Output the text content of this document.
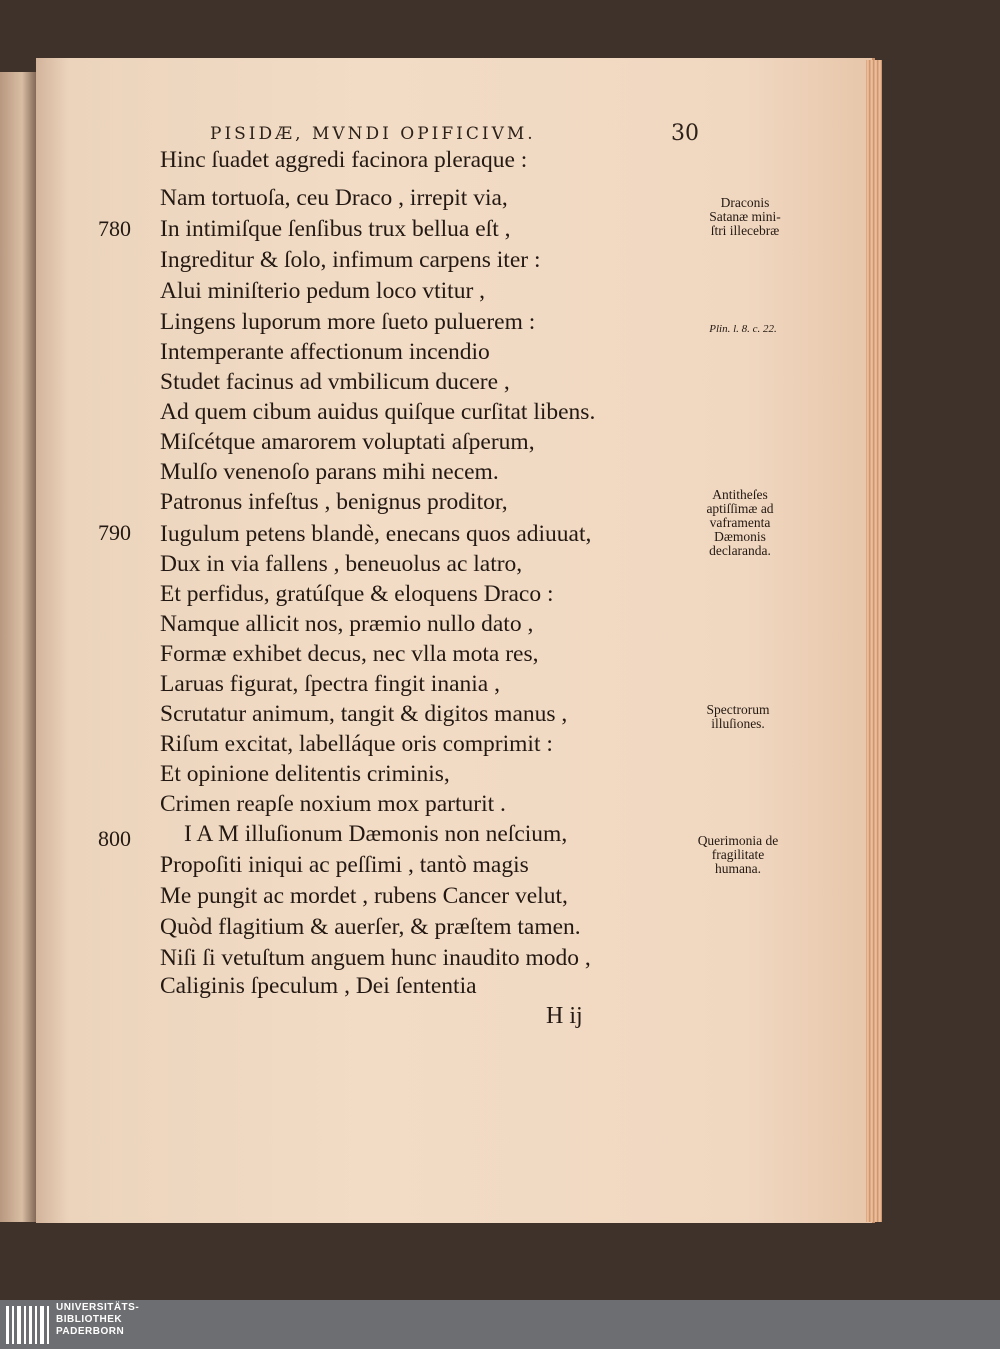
PISIDÆ, MVNDI OPIFICIVM.	30
Hinc ſuadet aggredi facinora pleraque :
Nam tortuoſa, ceu Draco , irrepit via,
In intimiſque ſenſibus trux bellua eſt ,
Ingreditur & ſolo, infimum carpens iter :
Alui miniſterio pedum loco vtitur ,
Lingens luporum more ſueto puluerem :
Intemperante affectionum incendio
Studet facinus ad vmbilicum ducere ,
Ad quem cibum auidus quiſque curſitat libens.
Miſcétque amarorem voluptati aſperum,
Mulſo venenoſo parans mihi necem.
Patronus infeſtus , benignus proditor,
Iugulum petens blandè, enecans quos adiuuat,
Dux in via fallens , beneuolus ac latro,
Et perfidus, gratúſque & eloquens Draco :
Namque allicit nos, præmio nullo dato ,
Formæ exhibet decus, nec vlla mota res,
Laruas figurat, ſpectra fingit inania ,
Scrutatur animum, tangit & digitos manus ,
Riſum excitat, labelláque oris comprimit :
Et opinione delitentis criminis,
Crimen reapſe noxium mox parturit .
I A M illuſionum Dæmonis non neſcium,
Propoſiti iniqui ac peſſimi , tantò magis
Me pungit ac mordet , rubens Cancer velut,
Quòd flagitium & auerſer, & præſtem tamen.
Niſi ſi vetuſtum anguem hunc inaudito modo ,
Caliginis ſpeculum , Dei ſententia
780
790
800
Draconis Satanæ mini- ſtri illecebræ
Plin. l. 8. c. 22.
Antitheſes aptiſſimæ ad vaframenta Dæmonis declaranda.
Spectrorum illuſiones.
Querimonia de fragilitate humana.
H ij
UNIVERSITÄTS-
BIBLIOTHEK
PADERBORN
